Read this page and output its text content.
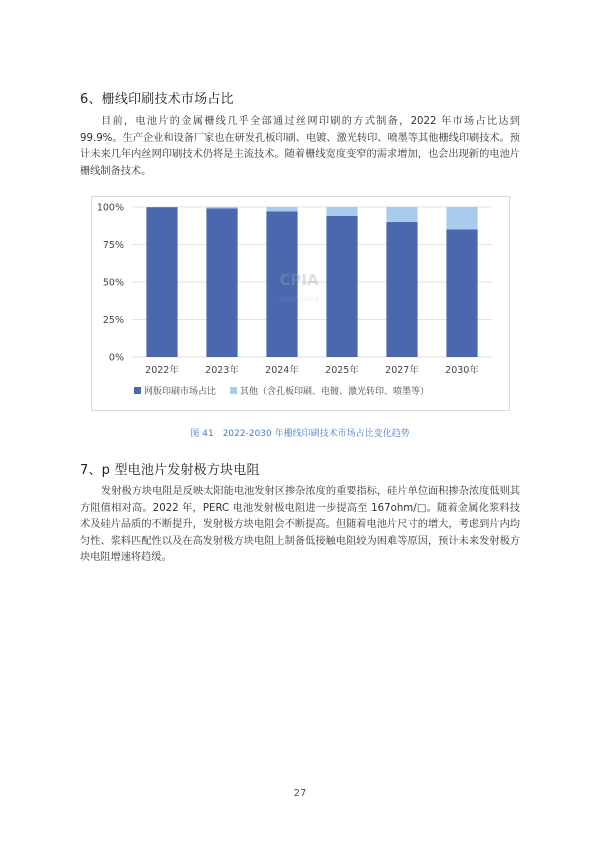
6、栅线印刷技术市场占比

目前，电池片的金属栅线几乎全部通过丝网印刷的方式制备，2022 年市场占比达到 99.9%。生产企业和设备厂家也在研发孔板印刷、电镀、激光转印、喷墨等其他栅线印刷技术。预计未来几年内丝网印刷技术仍将是主流技术。随着栅线宽度变窄的需求增加，也会出现新的电池片栅线制备技术。

0%
25%
50%
75%
100%
2022年	2023年	2024年	2025年	2027年	2030年
CPIA
中国光伏行业协会
网版印刷市场占比	其他（含孔板印刷、电镀、激光转印、喷墨等）
图 41　2022-2030 年栅线印刷技术市场占比变化趋势
7、p 型电池片发射极方块电阻

发射极方块电阻是反映太阳能电池发射区掺杂浓度的重要指标，硅片单位面积掺杂浓度低则其方阻值相对高。2022 年，PERC 电池发射极电阻进一步提高至 167ohm/□。随着金属化浆料技术及硅片品质的不断提升，发射极方块电阻会不断提高。但随着电池片尺寸的增大，考虑到片内均匀性、浆料匹配性以及在高发射极方块电阻上制备低接触电阻较为困难等原因，预计未来发射极方块电阻增速将趋缓。

27
